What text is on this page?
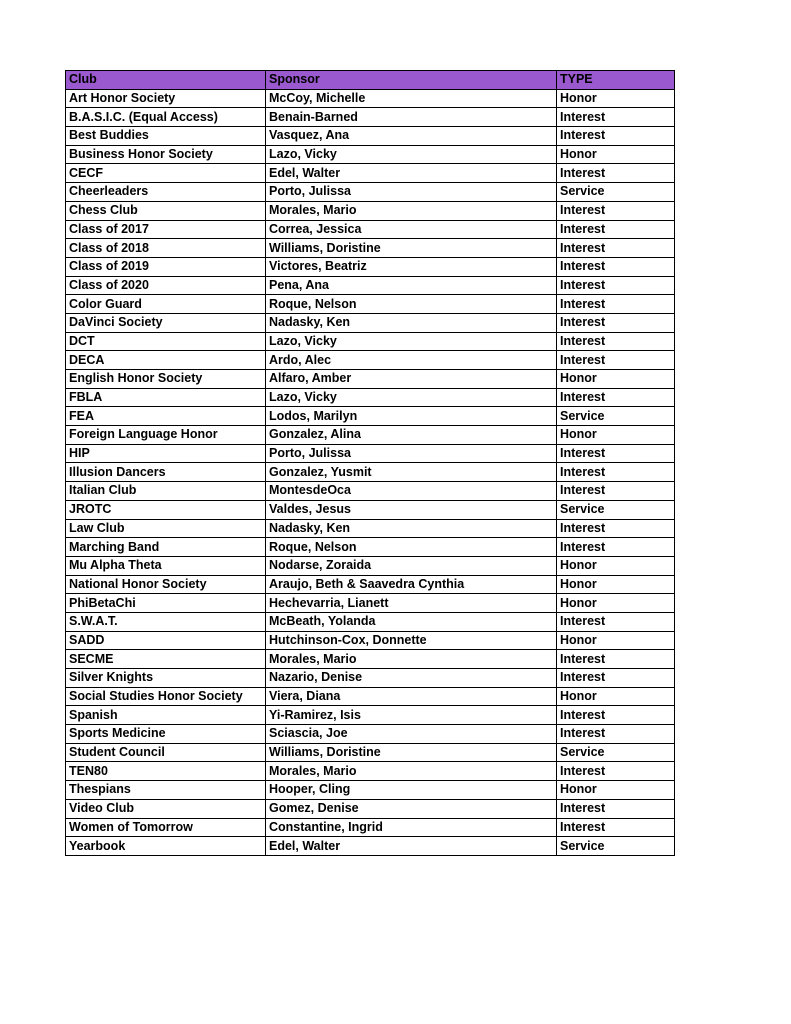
Club	Sponsor	TYPE
Art Honor Society	McCoy, Michelle	Honor
B.A.S.I.C. (Equal Access)	Benain-Barned	Interest
Best Buddies	Vasquez, Ana	Interest
Business Honor Society	Lazo, Vicky	Honor
CECF	Edel, Walter	Interest
Cheerleaders	Porto, Julissa	Service
Chess Club	Morales, Mario	Interest
Class of 2017	Correa, Jessica	Interest
Class of 2018	Williams, Doristine	Interest
Class of 2019	Victores, Beatriz	Interest
Class of 2020	Pena, Ana	Interest
Color Guard	Roque, Nelson	Interest
DaVinci Society	Nadasky, Ken	Interest
DCT	Lazo, Vicky	Interest
DECA	Ardo, Alec	Interest
English Honor Society	Alfaro, Amber	Honor
FBLA	Lazo, Vicky	Interest
FEA	Lodos, Marilyn	Service
Foreign Language Honor	Gonzalez, Alina	Honor
HIP	Porto, Julissa	Interest
Illusion Dancers	Gonzalez, Yusmit	Interest
Italian Club	MontesdeOca	Interest
JROTC	Valdes, Jesus	Service
Law Club	Nadasky, Ken	Interest
Marching Band	Roque, Nelson	Interest
Mu Alpha Theta	Nodarse, Zoraida	Honor
National Honor Society	Araujo, Beth & Saavedra Cynthia	Honor
PhiBetaChi	Hechevarria, Lianett	Honor
S.W.A.T.	McBeath, Yolanda	Interest
SADD	Hutchinson-Cox, Donnette	Honor
SECME	Morales, Mario	Interest
Silver Knights	Nazario, Denise	Interest
Social Studies Honor Society	Viera, Diana	Honor
Spanish	Yi-Ramirez, Isis	Interest
Sports Medicine	Sciascia, Joe	Interest
Student Council	Williams, Doristine	Service
TEN80	Morales, Mario	Interest
Thespians	Hooper, Cling	Honor
Video Club	Gomez, Denise	Interest
Women of Tomorrow	Constantine, Ingrid	Interest
Yearbook	Edel, Walter	Service
